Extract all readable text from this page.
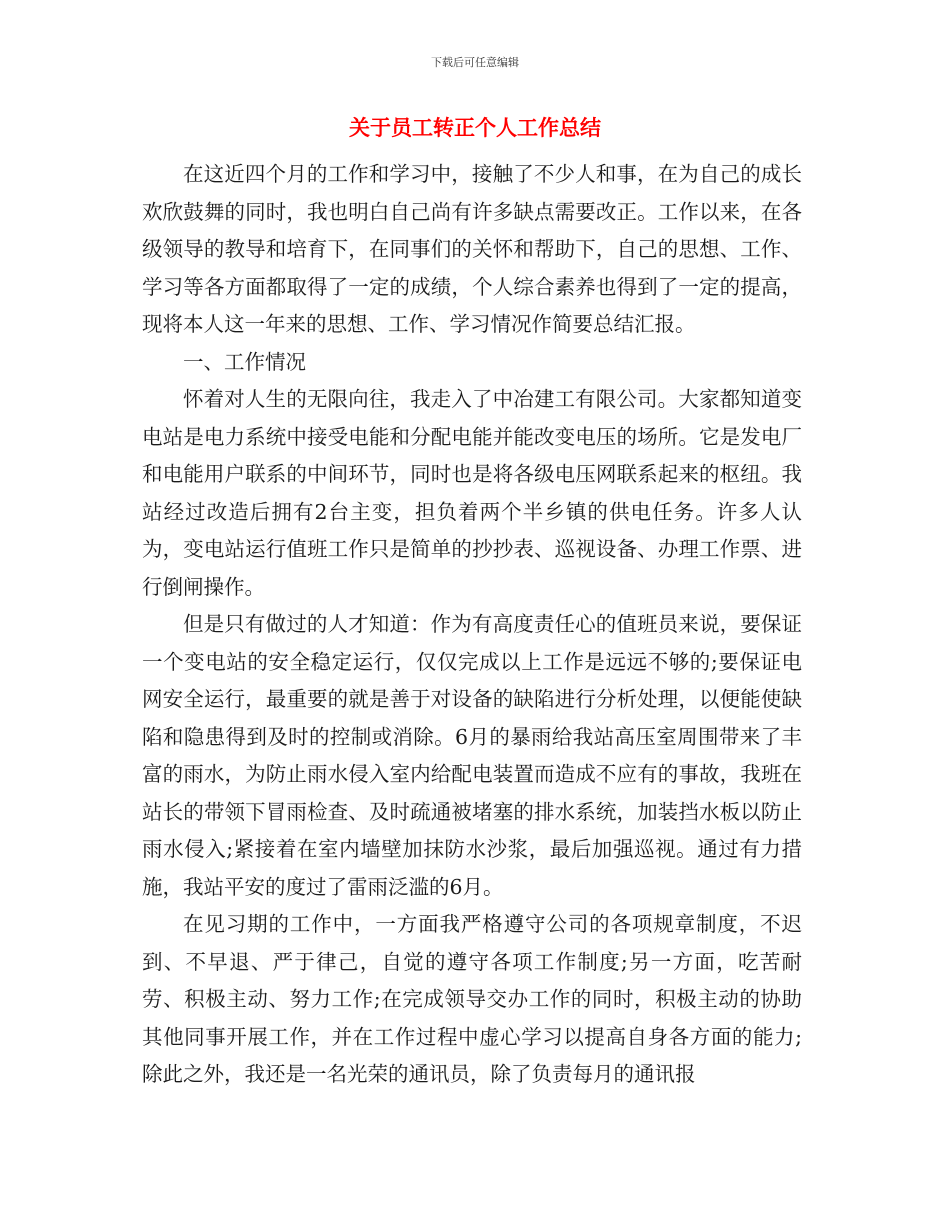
下载后可任意编辑
关于员工转正个人工作总结

在这近四个月的工作和学习中，接触了不少人和事，在为自己的成长欢欣鼓舞的同时，我也明白自己尚有许多缺点需要改正。工作以来，在各级领导的教导和培育下，在同事们的关怀和帮助下，自己的思想、工作、学习等各方面都取得了一定的成绩，个人综合素养也得到了一定的提高，现将本人这一年来的思想、工作、学习情况作简要总结汇报。

一、工作情况

怀着对人生的无限向往，我走入了中冶建工有限公司。大家都知道变电站是电力系统中接受电能和分配电能并能改变电压的场所。它是发电厂和电能用户联系的中间环节，同时也是将各级电压网联系起来的枢纽。我站经过改造后拥有2台主变，担负着两个半乡镇的供电任务。许多人认为，变电站运行值班工作只是简单的抄抄表、巡视设备、办理工作票、进行倒闸操作。

但是只有做过的人才知道：作为有高度责任心的值班员来说，要保证一个变电站的安全稳定运行，仅仅完成以上工作是远远不够的;要保证电网安全运行，最重要的就是善于对设备的缺陷进行分析处理，以便能使缺陷和隐患得到及时的控制或消除。6月的暴雨给我站高压室周围带来了丰富的雨水，为防止雨水侵入室内给配电装置而造成不应有的事故，我班在站长的带领下冒雨检查、及时疏通被堵塞的排水系统，加装挡水板以防止雨水侵入;紧接着在室内墙壁加抹防水沙浆，最后加强巡视。通过有力措施，我站平安的度过了雷雨泛滥的6月。

在见习期的工作中，一方面我严格遵守公司的各项规章制度，不迟到、不早退、严于律己，自觉的遵守各项工作制度;另一方面，吃苦耐劳、积极主动、努力工作;在完成领导交办工作的同时，积极主动的协助其他同事开展工作，并在工作过程中虚心学习以提高自身各方面的能力;除此之外，我还是一名光荣的通讯员，除了负责每月的通讯报
